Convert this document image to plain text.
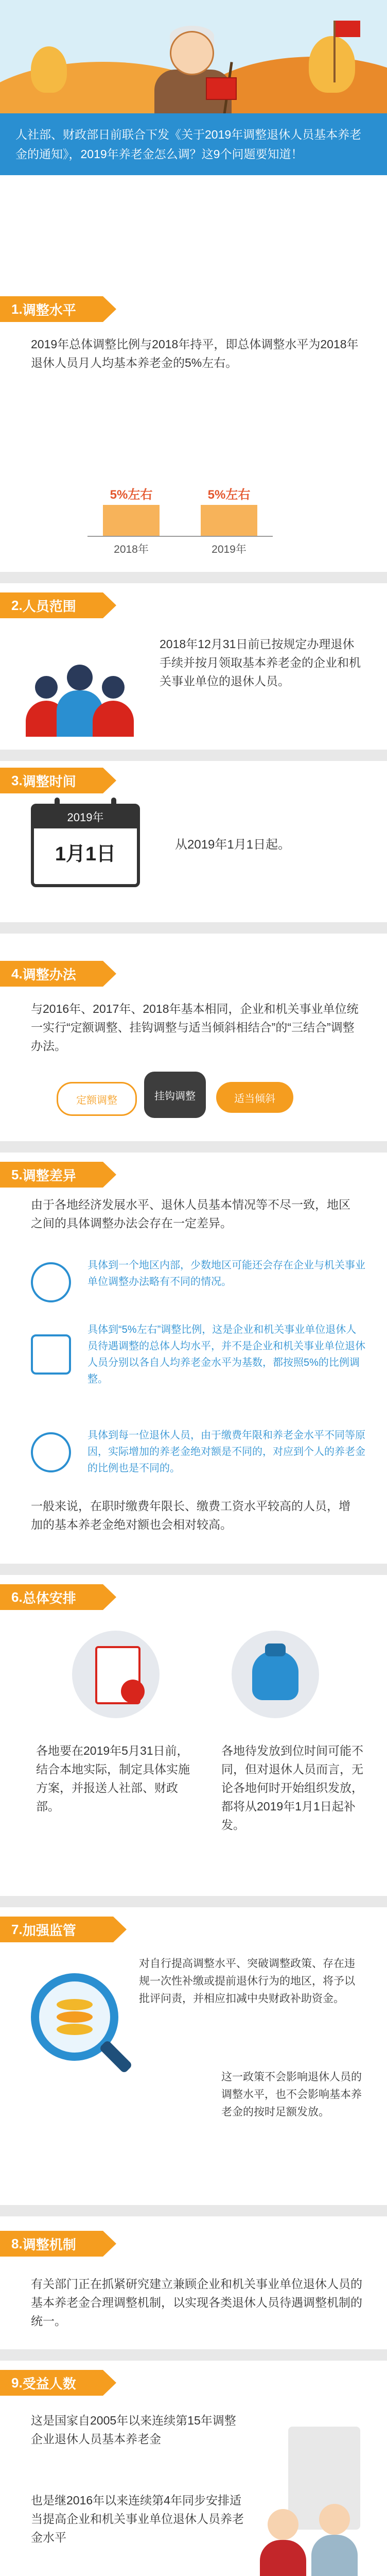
人社部、财政部日前联合下发《关于2019年调整退休人员基本养老金的通知》，2019年养老金怎么调？这9个问题要知道！
1. 调整水平
2019年总体调整比例与2018年持平，即总体调整水平为2018年退休人员月人均基本养老金的5%左右。
5%左右	5%左右
2018年	2019年
2. 人员范围
2018年12月31日前已按规定办理退休手续并按月领取基本养老金的企业和机关事业单位的退休人员。
3. 调整时间
2019年
1月1日	从2019年1月1日起。
4. 调整办法
与2016年、2017年、2018年基本相同，企业和机关事业单位统一实行“定额调整、挂钩调整与适当倾斜相结合”的“三结合”调整办法。
定额调整	挂钩调整	适当倾斜
5. 调整差异
由于各地经济发展水平、退休人员基本情况等不尽一致，地区之间的具体调整办法会存在一定差异。
具体到一个地区内部，少数地区可能还会存在企业与机关事业单位调整办法略有不同的情况。
具体到“5%左右”调整比例，这是企业和机关事业单位退休人员待遇调整的总体人均水平，并不是企业和机关事业单位退休人员分别以各自人均养老金水平为基数，都按照5%的比例调整。
具体到每一位退休人员，由于缴费年限和养老金水平不同等原因，实际增加的养老金绝对额是不同的，对应到个人的养老金的比例也是不同的。
一般来说，在职时缴费年限长、缴费工资水平较高的人员，增加的基本养老金绝对额也会相对较高。
6. 总体安排
各地要在2019年5月31日前，结合本地实际，制定具体实施方案，并报送人社部、财政部。
各地待发放到位时间可能不同，但对退休人员而言，无论各地何时开始组织发放，都将从2019年1月1日起补发。
7. 加强监管
对自行提高调整水平、突破调整政策、存在违规一次性补缴或提前退休行为的地区，将予以批评问责，并相应扣减中央财政补助资金。
这一政策不会影响退休人员的调整水平，也不会影响基本养老金的按时足额发放。
8. 调整机制
有关部门正在抓紧研究建立兼顾企业和机关事业单位退休人员的基本养老金合理调整机制，以实现各类退休人员待遇调整机制的统一。
9. 受益人数
这是国家自2005年以来连续第15年调整企业退休人员基本养老金
也是继2016年以来连续第4年同步安排适当提高企业和机关事业单位退休人员养老金水平
